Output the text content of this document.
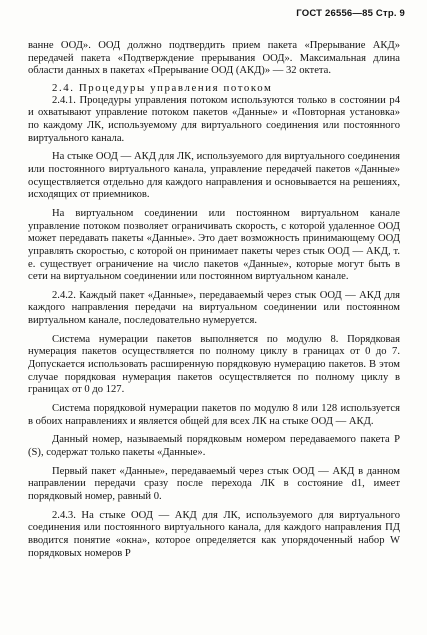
ГОСТ 26556—85 Стр. 9

ванне ООД». ООД должно подтвердить прием пакета «Прерывание АКД» передачей пакета «Подтверждение прерывания ООД». Максимальная длина области данных в пакетах «Прерывание ООД (АКД)» — 32 октета.

2.4. Процедуры управления потоком

2.4.1. Процедуры управления потоком используются только в состоянии р4 и охватывают управление потоком пакетов «Данные» и «Повторная установка» по каждому ЛК, используемому для виртуального соединения или постоянного виртуального канала.

На стыке ООД — АКД для ЛК, используемого для виртуального соединения или постоянного виртуального канала, управление передачей пакетов «Данные» осуществляется отдельно для каждого направления и основывается на решениях, исходящих от приемников.

На виртуальном соединении или постоянном виртуальном канале управление потоком позволяет ограничивать скорость, с которой удаленное ООД может передавать пакеты «Данные». Это дает возможность принимающему ООД управлять скоростью, с которой он принимает пакеты через стык ООД — АКД, т. е. существует ограничение на число пакетов «Данные», которые могут быть в сети на виртуальном соединении или постоянном виртуальном канале.

2.4.2. Каждый пакет «Данные», передаваемый через стык ООД — АКД для каждого направления передачи на виртуальном соединении или постоянном виртуальном канале, последовательно нумеруется.

Система нумерации пакетов выполняется по модулю 8. Порядковая нумерация пакетов осуществляется по полному циклу в границах от 0 до 7. Допускается использовать расширенную порядковую нумерацию пакетов. В этом случае порядковая нумерация пакетов осуществляется по полному циклу в границах от 0 до 127.

Система порядковой нумерации пакетов по модулю 8 или 128 используется в обоих направлениях и является общей для всех ЛК на стыке ООД — АКД.

Данный номер, называемый порядковым номером передаваемого пакета Р (S), содержат только пакеты «Данные».

Первый пакет «Данные», передаваемый через стык ООД — АКД в данном направлении передачи сразу после перехода ЛК в состояние d1, имеет порядковый номер, равный 0.

2.4.3. На стыке ООД — АКД для ЛК, используемого для виртуального соединения или постоянного виртуального канала, для каждого направления ПД вводится понятие «окна», которое определяется как упорядоченный набор W порядковых номеров Р
